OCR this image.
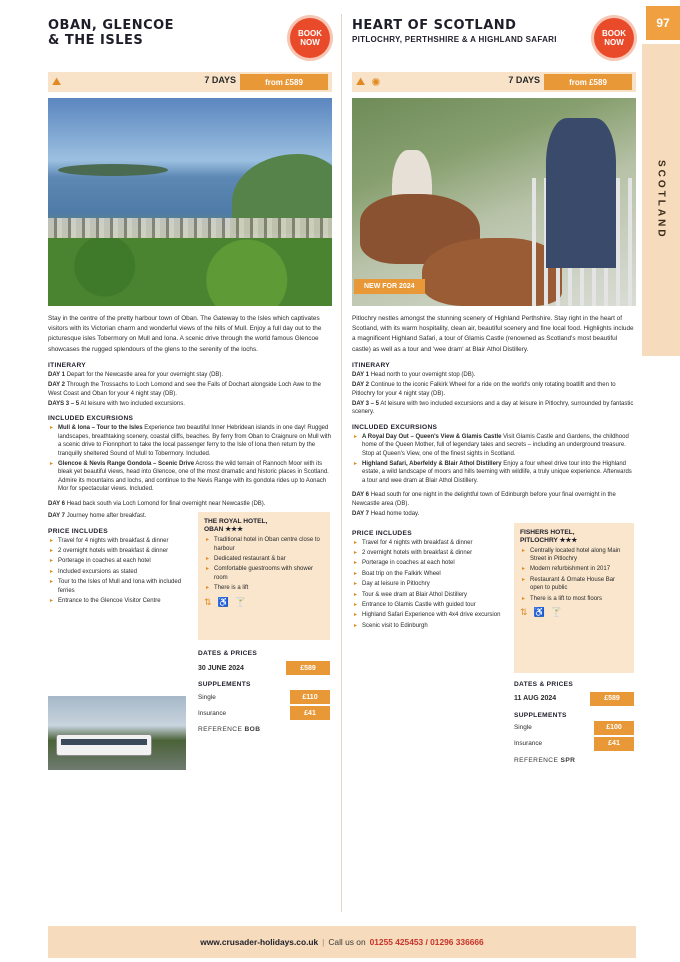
97
SCOTLAND
OBAN, GLENCOE
& THE ISLES	BOOK
NOW
⛰	7 DAYS	from £589
Stay in the centre of the pretty harbour town of Oban. The Gateway to the Isles which captivates visitors with its Victorian charm and wonderful views of the hills of Mull. Enjoy a full day out to the picturesque isles Tobermory on Mull and Iona. A scenic drive through the world famous Glencoe showcases the rugged splendours of the glens to the serenity of the lochs.
ITINERARY
DAY 1 Depart for the Newcastle area for your overnight stay (DB).
DAY 2 Through the Trossachs to Loch Lomond and see the Falls of Dochart alongside Loch Awe to the West Coast and Oban for your 4 night stay (DB).
DAYS 3 – 5 At leisure with two included excursions.
INCLUDED EXCURSIONS
▸ Mull & Iona – Tour to the Isles Experience two beautiful Inner Hebridean islands in one day! Rugged landscapes, breathtaking scenery, coastal cliffs, beaches. By ferry from Oban to Craignure on Mull with a scenic drive to Fionnphort to take the local passenger ferry to the Isle of Iona then return by the tranquilly sheltered Sound of Mull to Tobermory. Included.
▸ Glencoe & Nevis Range Gondola – Scenic Drive Across the wild terrain of Rannoch Moor with its bleak yet beautiful views, head into Glencoe, one of the most dramatic and historic places in Scotland. Admire its mountains and lochs, and continue to the Nevis Range with its gondola rides up to Aonach Mor for spectacular views. Included.
DAY 6 Head back south via Loch Lomond for final overnight near Newcastle (DB).
DAY 7 Journey home after breakfast.
PRICE INCLUDES
▸ Travel for 4 nights with breakfast & dinner
▸ 2 overnight hotels with breakfast & dinner
▸ Porterage in coaches at each hotel
▸ Included excursions as stated
▸ Tour to the Isles of Mull and Iona with included ferries
▸ Entrance to the Glencoe Visitor Centre
THE ROYAL HOTEL,
OBAN ★★★
▸ Traditional hotel in Oban centre close to harbour
▸ Dedicated restaurant & bar
▸ Comfortable guestrooms with shower room
▸ There is a lift
⇅ ♿ 🍸
DATES & PRICES
30 JUNE 2024	£589
SUPPLEMENTS
Single	£110
Insurance	£41
REFERENCE BOB
HEART OF SCOTLAND
PITLOCHRY, PERTHSHIRE & A HIGHLAND SAFARI
BOOK
NOW
⛰ ✺	7 DAYS	from £589
NEW FOR 2024
Pitlochry nestles amongst the stunning scenery of Highland Perthshire. Stay right in the heart of Scotland, with its warm hospitality, clean air, beautiful scenery and fine local food. Highlights include a magnificent Highland Safari, a tour of Glamis Castle (renowned as Scotland's most beautiful castle) as well as a tour and 'wee dram' at Blair Athol Distillery.
ITINERARY
DAY 1 Head north to your overnight stop (DB).
DAY 2 Continue to the iconic Falkirk Wheel for a ride on the world's only rotating boatlift and then to Pitlochry for your 4 night stay (DB).
DAY 3 – 5 At leisure with two included excursions and a day at leisure in Pitlochry, surrounded by fantastic scenery.
INCLUDED EXCURSIONS
▸ A Royal Day Out – Queen's View & Glamis Castle Visit Glamis Castle and Gardens, the childhood home of the Queen Mother, full of legendary tales and secrets – including an underground treasure. Stop at Queen's View, one of the finest sights in Scotland.
▸ Highland Safari, Aberfeldy & Blair Athol Distillery Enjoy a four wheel drive tour into the Highland estate, a wild landscape of moors and hills teeming with wildlife, a truly unique experience. Afterwards a tour and wee dram at Blair Athol Distillery.
DAY 6 Head south for one night in the delightful town of Edinburgh before your final overnight in the Newcastle area (DB).
DAY 7 Head home today.
PRICE INCLUDES
▸ Travel for 4 nights with breakfast & dinner
▸ 2 overnight hotels with breakfast & dinner
▸ Porterage in coaches at each hotel
▸ Boat trip on the Falkirk Wheel
▸ Day at leisure in Pitlochry
▸ Tour & wee dram at Blair Athol Distillery
▸ Entrance to Glamis Castle with guided tour
▸ Highland Safari Experience with 4x4 drive excursion
▸ Scenic visit to Edinburgh
FISHERS HOTEL,
PITLOCHRY ★★★
▸ Centrally located hotel along Main Street in Pitlochry
▸ Modern refurbishment in 2017
▸ Restaurant & Ornate House Bar open to public
▸ There is a lift to most floors
⇅ ♿ 🍸
DATES & PRICES
11 AUG 2024	£589
SUPPLEMENTS
Single	£100
Insurance	£41
REFERENCE SPR
www.crusader-holidays.co.uk | Call us on 01255 425453 / 01296 336666
